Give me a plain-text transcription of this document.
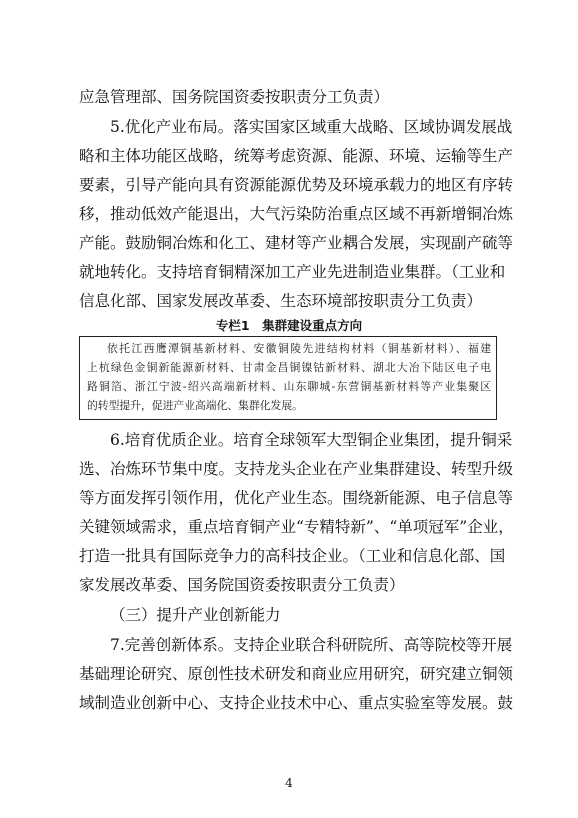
应急管理部、国务院国资委按职责分工负责）
5.优化产业布局。落实国家区域重大战略、区域协调发展战
略和主体功能区战略，统筹考虑资源、能源、环境、运输等生产
要素，引导产能向具有资源能源优势及环境承载力的地区有序转
移，推动低效产能退出，大气污染防治重点区域不再新增铜冶炼
产能。鼓励铜冶炼和化工、建材等产业耦合发展，实现副产硫等
就地转化。支持培育铜精深加工产业先进制造业集群。（工业和
信息化部、国家发展改革委、生态环境部按职责分工负责）
专栏1　集群建设重点方向
依托江西鹰潭铜基新材料、安徽铜陵先进结构材料（铜基新材料）、福建
上杭绿色金铜新能源新材料、甘肃金昌铜镍钴新材料、湖北大冶下陆区电子电
路铜箔、浙江宁波-绍兴高端新材料、山东聊城-东营铜基新材料等产业集聚区
的转型提升，促进产业高端化、集群化发展。
6.培育优质企业。培育全球领军大型铜企业集团，提升铜采
选、冶炼环节集中度。支持龙头企业在产业集群建设、转型升级
等方面发挥引领作用，优化产业生态。围绕新能源、电子信息等
关键领域需求，重点培育铜产业“专精特新”、“单项冠军”企业，
打造一批具有国际竞争力的高科技企业。（工业和信息化部、国
家发展改革委、国务院国资委按职责分工负责）
（三）提升产业创新能力
7.完善创新体系。支持企业联合科研院所、高等院校等开展
基础理论研究、原创性技术研发和商业应用研究，研究建立铜领
域制造业创新中心、支持企业技术中心、重点实验室等发展。鼓
4
